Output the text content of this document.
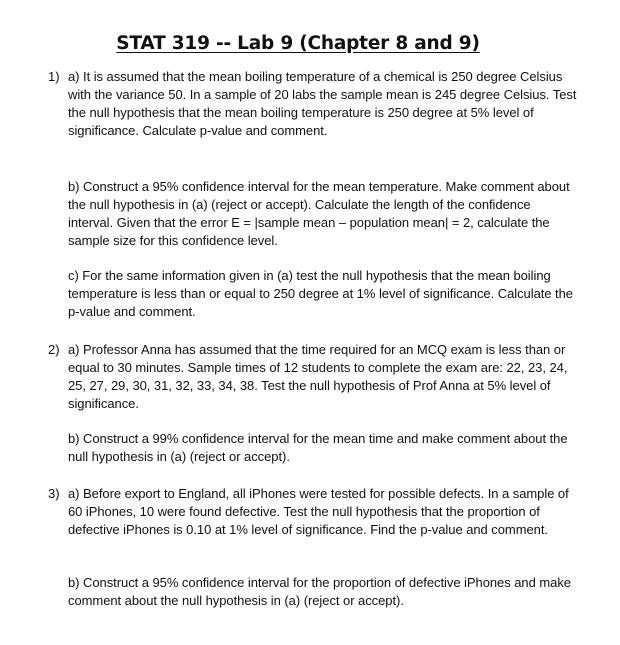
STAT 319 -- Lab 9 (Chapter 8 and 9)
1) a) It is assumed that the mean boiling temperature of a chemical is 250 degree Celsius with the variance 50. In a sample of 20 labs the sample mean is 245 degree Celsius. Test the null hypothesis that the mean boiling temperature is 250 degree at 5% level of significance. Calculate p-value and comment.

b) Construct a 95% confidence interval for the mean temperature. Make comment about the null hypothesis in (a) (reject or accept). Calculate the length of the confidence interval. Given that the error E = |sample mean – population mean| = 2, calculate the sample size for this confidence level.

c) For the same information given in (a) test the null hypothesis that the mean boiling temperature is less than or equal to 250 degree at 1% level of significance. Calculate the p-value and comment.

2) a) Professor Anna has assumed that the time required for an MCQ exam is less than or equal to 30 minutes. Sample times of 12 students to complete the exam are: 22, 23, 24, 25, 27, 29, 30, 31, 32, 33, 34, 38. Test the null hypothesis of Prof Anna at 5% level of significance.

b) Construct a 99% confidence interval for the mean time and make comment about the null hypothesis in (a) (reject or accept).

3) a) Before export to England, all iPhones were tested for possible defects. In a sample of 60 iPhones, 10 were found defective. Test the null hypothesis that the proportion of defective iPhones is 0.10 at 1% level of significance. Find the p-value and comment.

b) Construct a 95% confidence interval for the proportion of defective iPhones and make comment about the null hypothesis in (a) (reject or accept).
